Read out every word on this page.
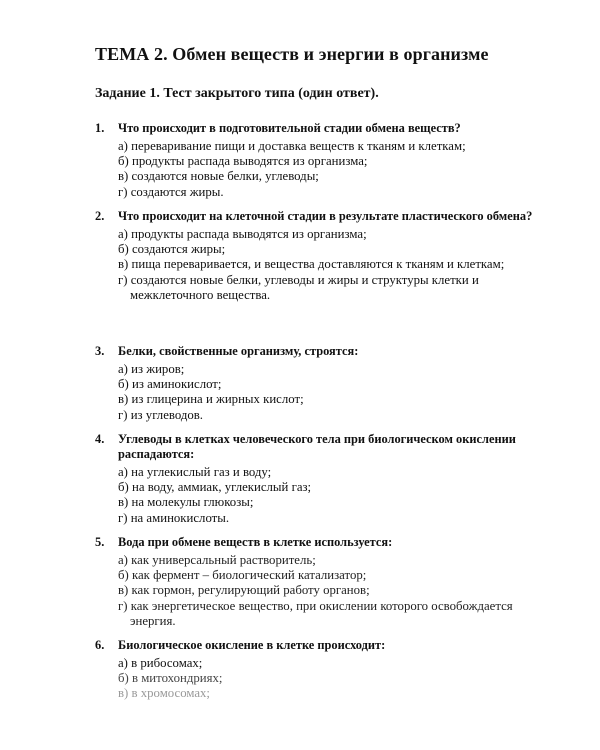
ТЕМА 2. Обмен веществ и энергии в организме
Задание 1. Тест закрытого типа (один ответ).
1.	Что происходит в подготовительной стадии обмена веществ?
а) переваривание пищи и доставка веществ к тканям и клеткам;
б) продукты распада выводятся из организма;
в) создаются новые белки, углеводы;
г) создаются жиры.
2.	Что происходит на клеточной стадии в результате пластического обмена?
а) продукты распада выводятся из организма;
б) создаются жиры;
в) пища переваривается, и вещества доставляются к тканям и клеткам;
г) создаются новые белки, углеводы и жиры и структуры клетки и межклеточного вещества.
3.	Белки, свойственные организму, строятся:
а) из жиров;
б) из аминокислот;
в) из глицерина и жирных кислот;
г) из углеводов.
4.	Углеводы в клетках человеческого тела при биологическом окислении распадаются:
а) на углекислый газ и воду;
б) на воду, аммиак, углекислый газ;
в) на молекулы глюкозы;
г) на аминокислоты.
5.	Вода при обмене веществ в клетке используется:
а) как универсальный растворитель;
б) как фермент – биологический катализатор;
в) как гормон, регулирующий работу органов;
г) как энергетическое вещество, при окислении которого освобождается энергия.
6.	Биологическое окисление в клетке происходит:
а) в рибосомах;
б) в митохондриях;
в) в хромосомах;
